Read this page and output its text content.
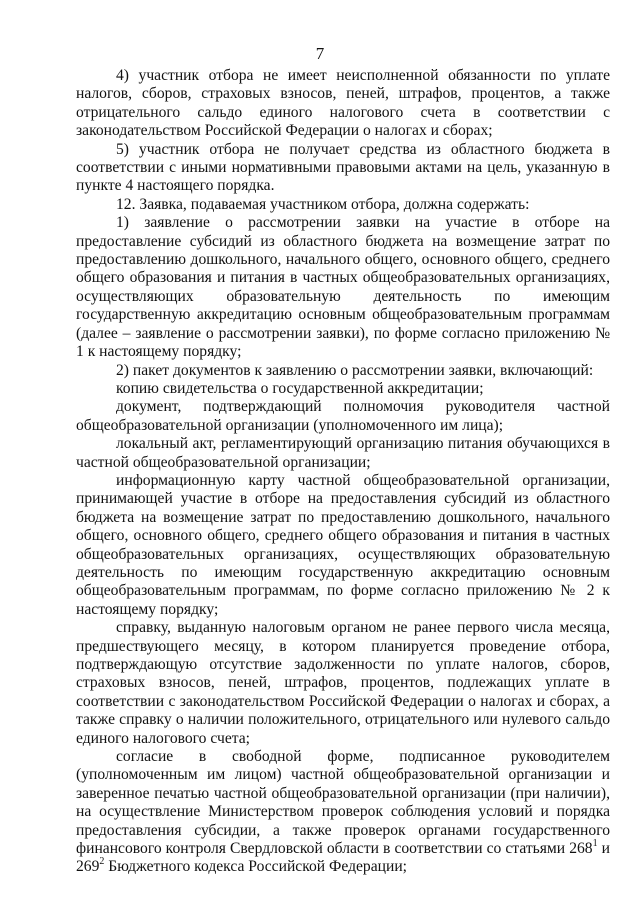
7

4) участник отбора не имеет неисполненной обязанности по уплате налогов, сборов, страховых взносов, пеней, штрафов, процентов, а также отрицательного сальдо единого налогового счета в соответствии с законодательством Российской Федерации о налогах и сборах;

5) участник отбора не получает средства из областного бюджета в соответствии с иными нормативными правовыми актами на цель, указанную в пункте 4 настоящего порядка.

12. Заявка, подаваемая участником отбора, должна содержать:

1) заявление о рассмотрении заявки на участие в отборе на предоставление субсидий из областного бюджета на возмещение затрат по предоставлению дошкольного, начального общего, основного общего, среднего общего образования и питания в частных общеобразовательных организациях, осуществляющих образовательную деятельность по имеющим государственную аккредитацию основным общеобразовательным программам (далее – заявление о рассмотрении заявки), по форме согласно приложению № 1 к настоящему порядку;

2) пакет документов к заявлению о рассмотрении заявки, включающий:

копию свидетельства о государственной аккредитации;

документ, подтверждающий полномочия руководителя частной общеобразовательной организации (уполномоченного им лица);

локальный акт, регламентирующий организацию питания обучающихся в частной общеобразовательной организации;

информационную карту частной общеобразовательной организации, принимающей участие в отборе на предоставления субсидий из областного бюджета на возмещение затрат по предоставлению дошкольного, начального общего, основного общего, среднего общего образования и питания в частных общеобразовательных организациях, осуществляющих образовательную деятельность по имеющим государственную аккредитацию основным общеобразовательным программам, по форме согласно приложению № 2 к настоящему порядку;

справку, выданную налоговым органом не ранее первого числа месяца, предшествующего месяцу, в котором планируется проведение отбора, подтверждающую отсутствие задолженности по уплате налогов, сборов, страховых взносов, пеней, штрафов, процентов, подлежащих уплате в соответствии с законодательством Российской Федерации о налогах и сборах, а также справку о наличии положительного, отрицательного или нулевого сальдо единого налогового счета;

согласие в свободной форме, подписанное руководителем (уполномоченным им лицом) частной общеобразовательной организации и заверенное печатью частной общеобразовательной организации (при наличии), на осуществление Министерством проверок соблюдения условий и порядка предоставления субсидии, а также проверок органами государственного финансового контроля Свердловской области в соответствии со статьями $268^1$ и $269^2$ Бюджетного кодекса Российской Федерации;
